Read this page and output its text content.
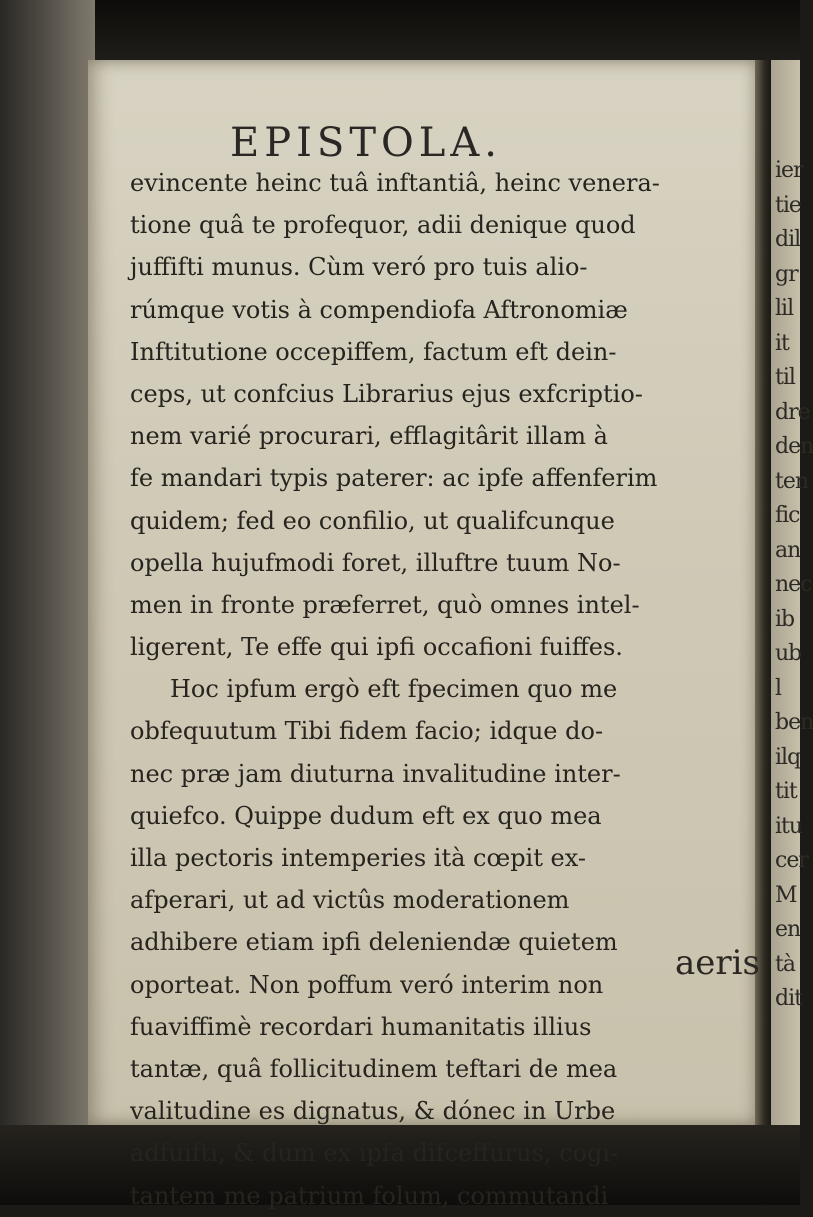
ier
tie
dil
gr
lil
it
til
dre
den
ten
fic
an
nec
ib
ub
l
ben
ilq
tit
itu
cer
M
en
tà
dit
EPISTOLA.
evincente heinc tuâ inftantiâ, heinc venera-
tione quâ te profequor, adii denique quod
juffifti munus. Cùm veró pro tuis alio-
rúmque votis à compendiofa Aftronomiæ
Inftitutione occepiffem, factum eft dein-
ceps, ut confcius Librarius ejus exfcriptio-
nem varié procurari, efflagitârit illam à
fe mandari typis paterer: ac ipfe affenferim
quidem; fed eo confilio, ut qualifcunque
opella hujufmodi foret, illuftre tuum No-
men in fronte præferret, quò omnes intel-
ligerent, Te effe qui ipfi occafioni fuiffes.
Hoc ipfum ergò eft fpecimen quo me
obfequutum Tibi fidem facio; idque do-
nec præ jam diuturna invalitudine inter-
quiefco. Quippe dudum eft ex quo mea
illa pectoris intemperies ità cœpit ex-
afperari, ut ad victûs moderationem
adhibere etiam ipfi deleniendæ quietem
oporteat. Non poffum veró interim non
fuaviffimè recordari humanitatis illius
tantæ, quâ follicitudinem teftari de mea
valitudine es dignatus, & dónec in Urbe
adfuifti, & dum ex ipfa difceffurus, cogi-
tantem me patrium folum, commutandi

aeris
